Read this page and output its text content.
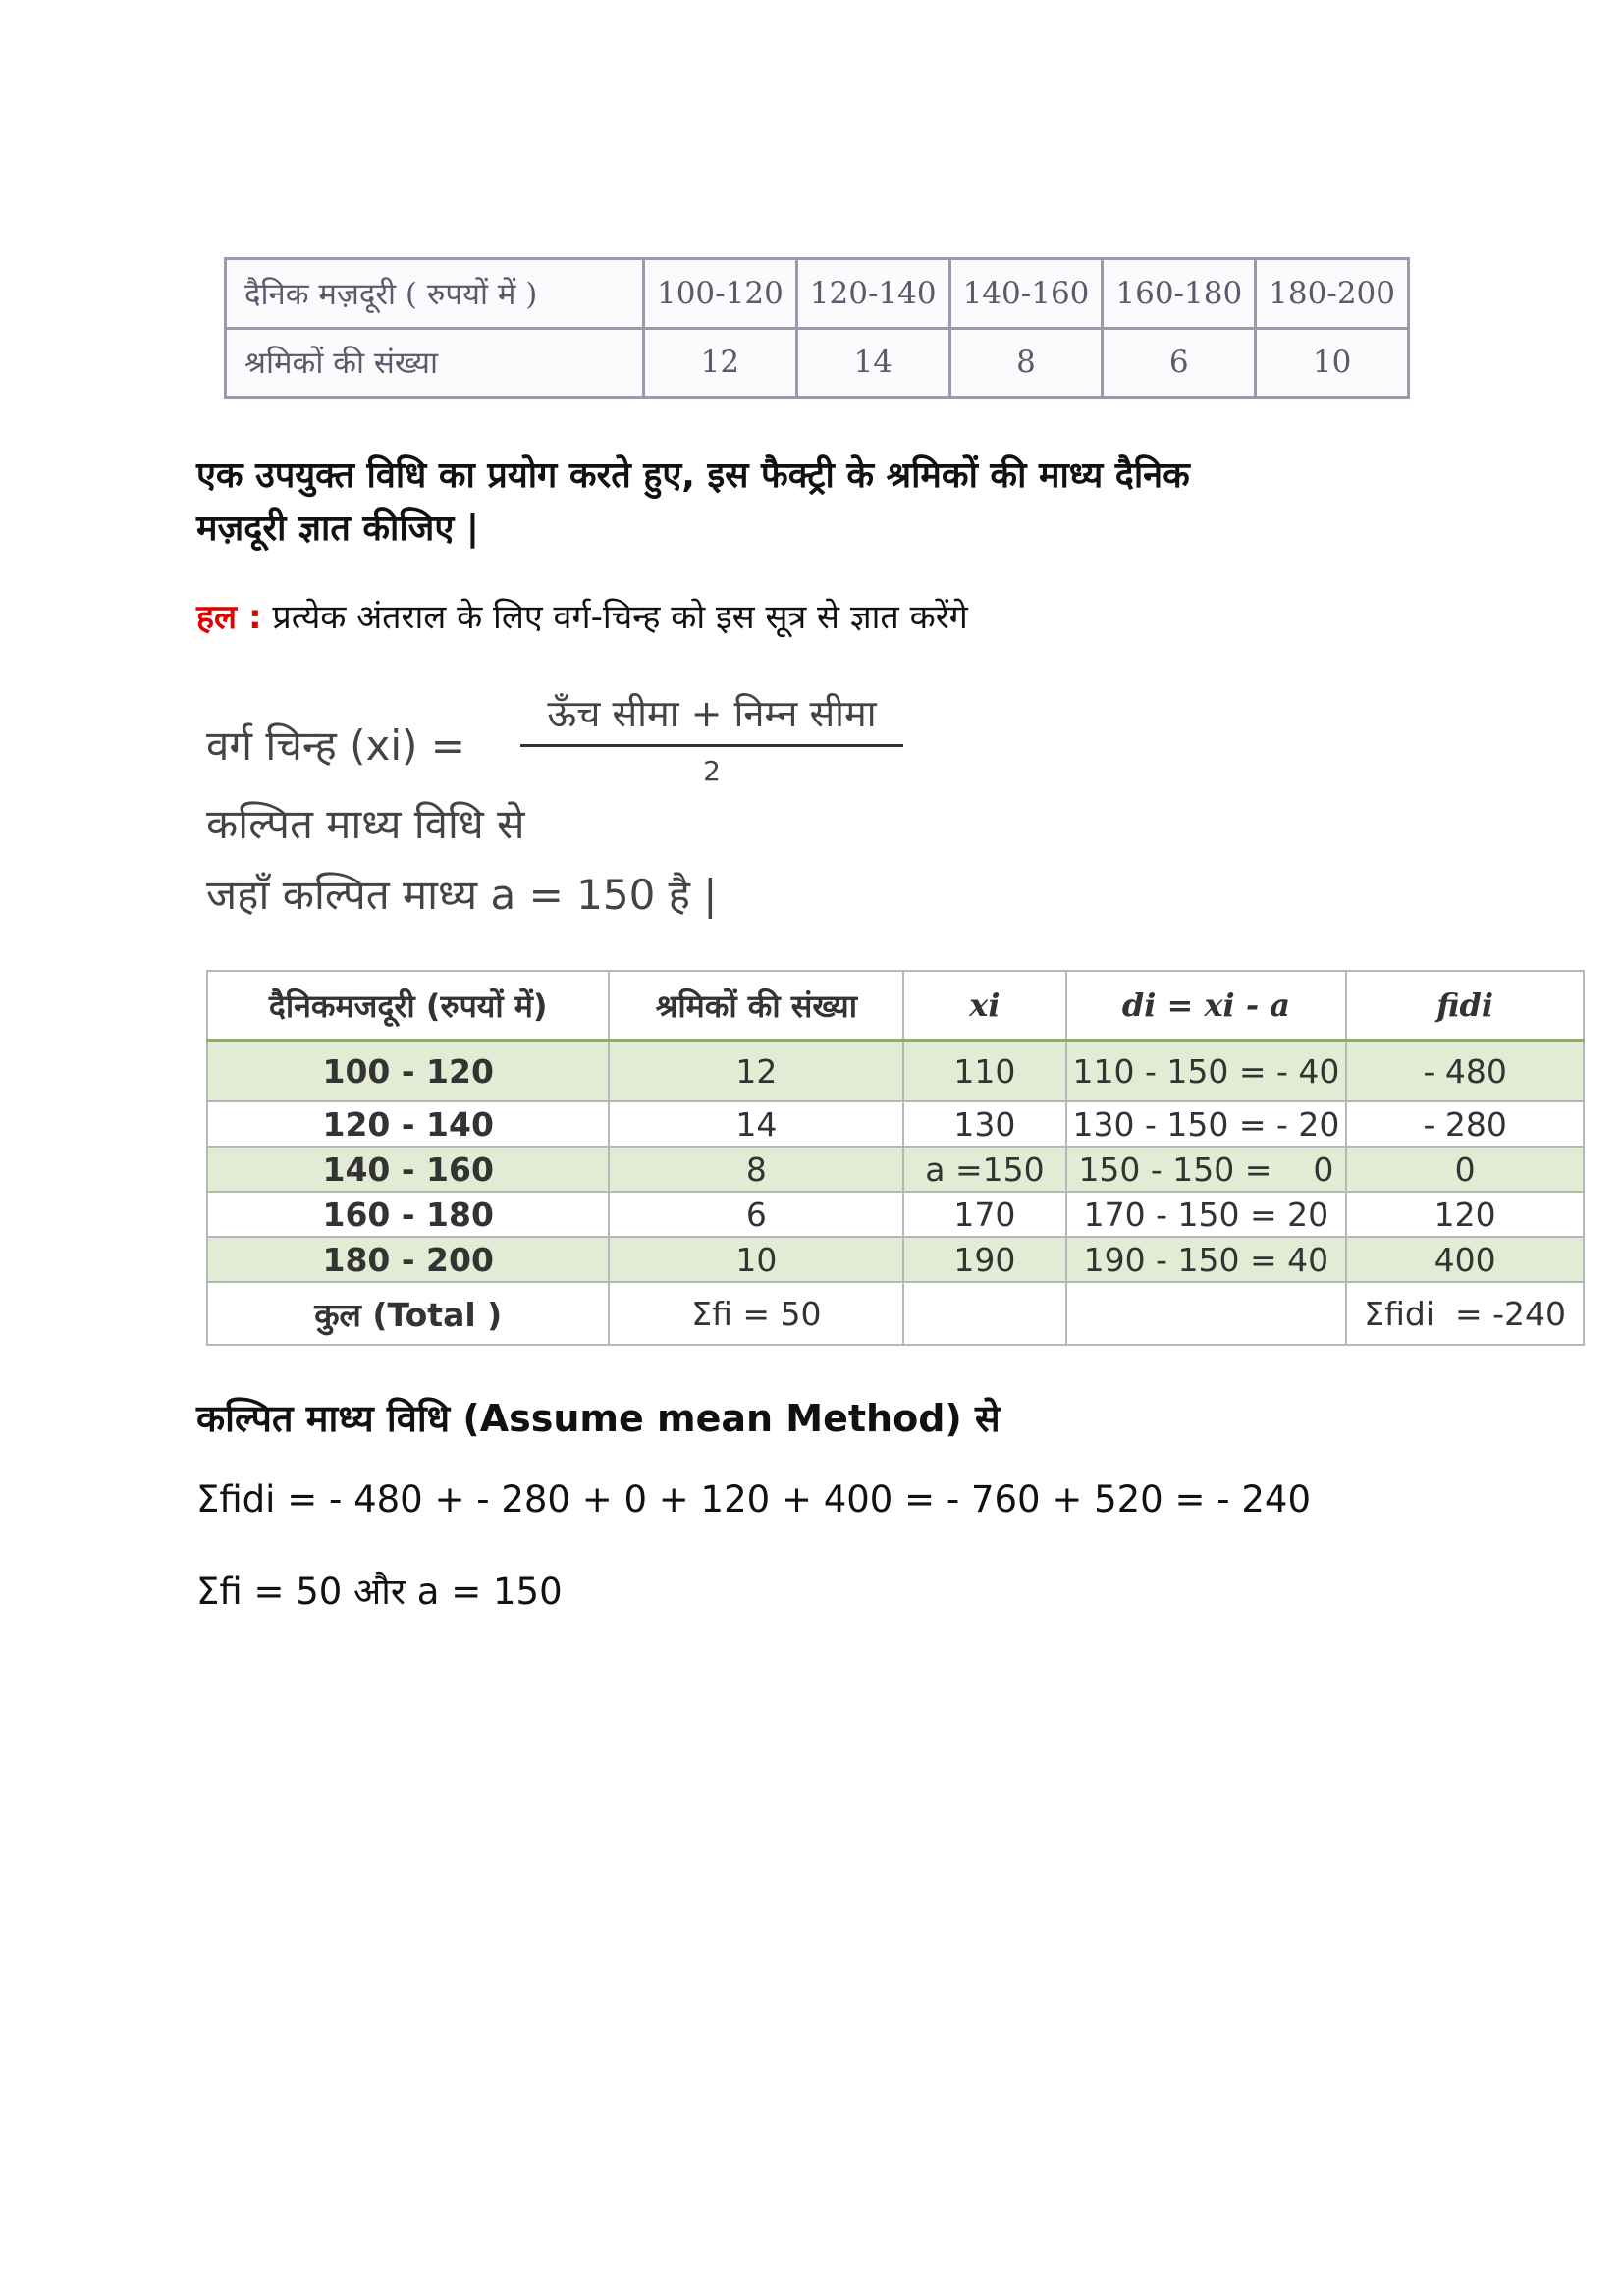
दैनिक मज़दूरी ( रुपयों में )	100-120	120-140	140-160	160-180	180-200
श्रमिकों की संख्या	12	14	8	6	10
एक उपयुक्त विधि का प्रयोग करते हुए, इस फैक्ट्री के श्रमिकों की माध्य दैनिक
मज़दूरी ज्ञात कीजिए |
हल : प्रत्येक अंतराल के लिए वर्ग-चिन्ह को इस सूत्र से ज्ञात करेंगे
वर्ग चिन्ह (xi) =
ऊँच सीमा + निम्न सीमा
2
कल्पित माध्य विधि से
जहाँ कल्पित माध्य a = 150 है |
दैनिकमजदूरी (रुपयों में)	श्रमिकों की संख्या	xi	di = xi - a	fidi
100 - 120	12	110	110 - 150 = - 40	- 480
120 - 140	14	130	130 - 150 = - 20	- 280
140 - 160	8	a =150	150 - 150 =    0	0
160 - 180	6	170	170 - 150 = 20	120
180 - 200	10	190	190 - 150 = 40	400
कुल (Total )	Σfi = 50			Σfidi  = -240
कल्पित माध्य विधि (Assume mean Method) से
Σfidi = - 480 + - 280 + 0 + 120 + 400 = - 760 + 520 = - 240
Σfi = 50 और a = 150
